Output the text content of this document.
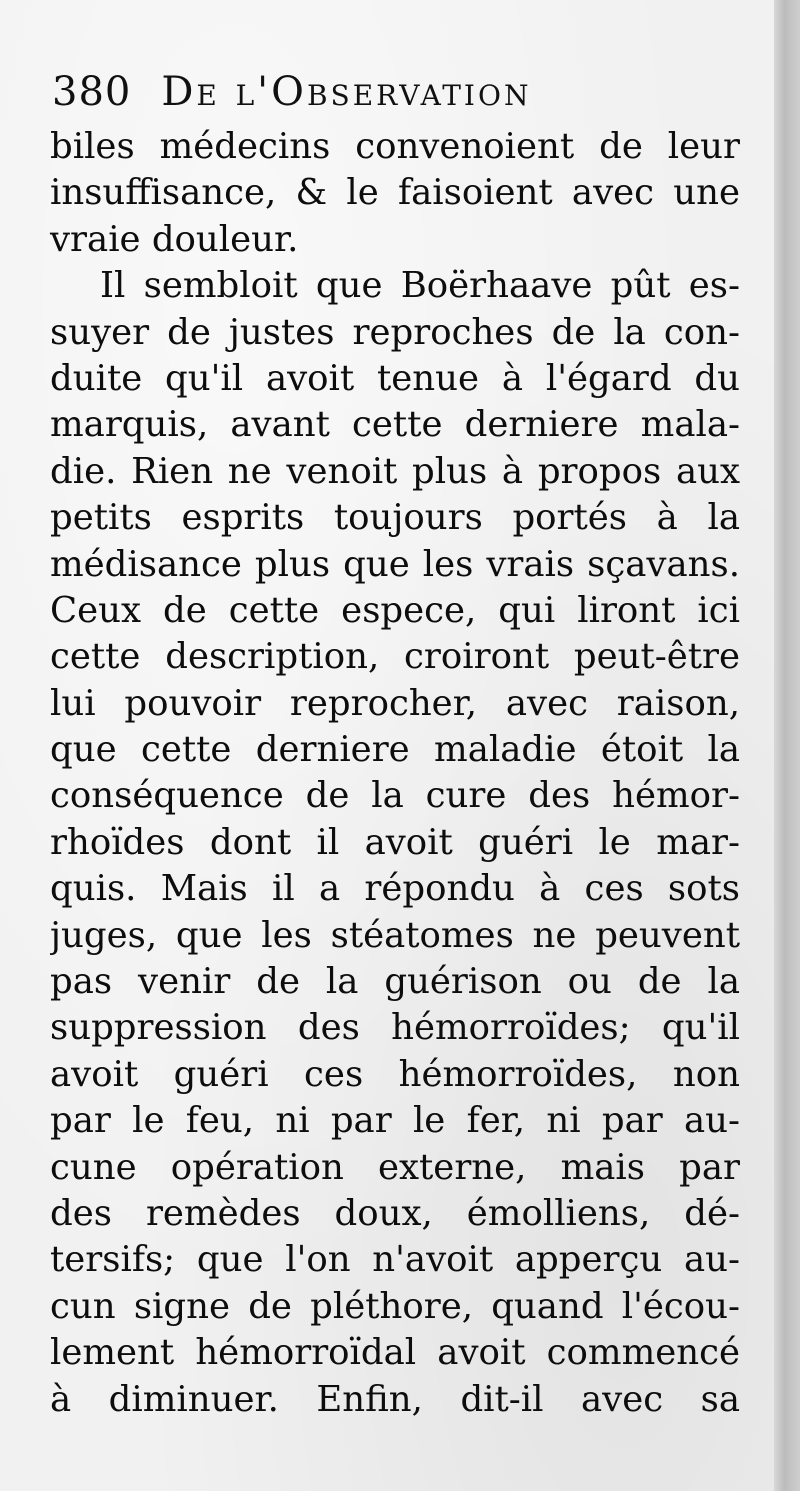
380 De l'Observation
biles médecins convenoient de leur
insuffisance, & le faisoient avec une
vraie douleur.
Il sembloit que Boërhaave pût es-
suyer de justes reproches de la con-
duite qu'il avoit tenue à l'égard du
marquis, avant cette derniere mala-
die. Rien ne venoit plus à propos aux
petits esprits toujours portés à la
médisance plus que les vrais sçavans.
Ceux de cette espece, qui liront ici
cette description, croiront peut-être
lui pouvoir reprocher, avec raison,
que cette derniere maladie étoit la
conséquence de la cure des hémor-
rhoïdes dont il avoit guéri le mar-
quis. Mais il a répondu à ces sots
juges, que les stéatomes ne peuvent
pas venir de la guérison ou de la
suppression des hémorroïdes; qu'il
avoit guéri ces hémorroïdes, non
par le feu, ni par le fer, ni par au-
cune opération externe, mais par
des remèdes doux, émolliens, dé-
tersifs; que l'on n'avoit apperçu au-
cun signe de pléthore, quand l'écou-
lement hémorroïdal avoit commencé
à diminuer. Enfin, dit-il avec sa
